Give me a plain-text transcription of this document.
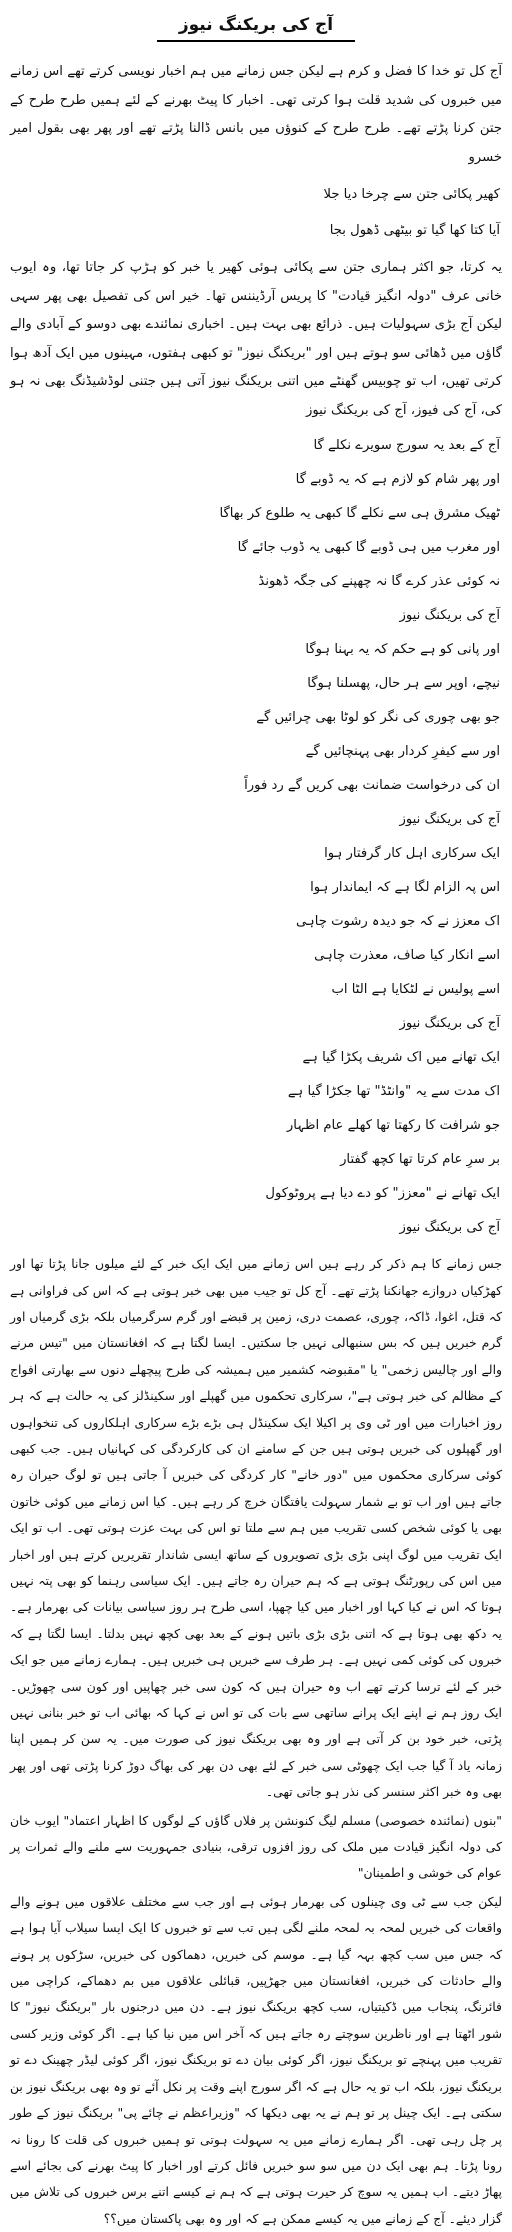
آج کی بریکنگ نیوز

آج کل تو خدا کا فضل و کرم ہے لیکن جس زمانے میں ہم اخبار نویسی کرتے تھے اس زمانے میں خبروں کی شدید قلت ہوا کرتی تھی۔ اخبار کا پیٹ بھرنے کے لئے ہمیں طرح طرح کے جتن کرنا پڑتے تھے۔ طرح طرح کے کنوؤں میں بانس ڈالنا پڑتے تھے اور پھر بھی بقول امیر خسرو

کھیر پکائی جتن سے چرخا دیا جلا
آیا کتا کھا گیا تو بیٹھی ڈھول بجا

یہ کرتا، جو اکثر ہماری جتن سے پکائی ہوئی کھیر یا خبر کو ہڑپ کر جاتا تھا، وہ ایوب خانی عرف "دولہ انگیز قیادت" کا پریس آرڈیننس تھا۔ خیر اس کی تفصیل بھی پھر سہی لیکن آج بڑی سہولیات ہیں۔ ذرائع بھی بہت ہیں۔ اخباری نمائندے بھی دوسو کے آبادی والے گاؤں میں ڈھائی سو ہوتے ہیں اور "بریکنگ نیوز" تو کبھی ہفتوں، مہینوں میں ایک آدھ ہوا کرتی تھیں، اب تو چوبیس گھنٹے میں اتنی بریکنگ نیوز آتی ہیں جتنی لوڈشیڈنگ بھی نہ ہو کی، آج کی فیوز، آج کی بریکنگ نیوز

آج کے بعد یہ سورج سویرے نکلے گا
اور پھر شام کو لازم ہے کہ یہ ڈوبے گا
ٹھیک مشرق ہی سے نکلے گا کبھی یہ طلوع کر بھاگا
اور مغرب میں ہی ڈوبے گا کبھی یہ ڈوب جائے گا
نہ کوئی عذر کرے گا نہ چھپنے کی جگہ ڈھونڈ
آج کی بریکنگ نیوز
اور پانی کو ہے حکم کہ یہ بہنا ہوگا
نیچے، اوپر سے ہر حال، پھسلنا ہوگا
جو بھی چوری کی نگر کو لوٹا بھی چرائیں گے
اور سے کیفرِ کردار بھی پہنچائیں گے
ان کی درخواست ضمانت بھی کریں گے رد فوراً
آج کی بریکنگ نیوز
ایک سرکاری اہل کار گرفتار ہوا
اس پہ الزام لگا ہے کہ ایماندار ہوا
اک معزز نے کہ جو دیدہ رشوت چاہی
اسے انکار کیا صاف، معذرت چاہی
اسے پولیس نے لٹکایا ہے الٹا اب
آج کی بریکنگ نیوز
ایک تھانے میں اک شریف پکڑا گیا ہے
اک مدت سے یہ "وانٹڈ" تھا جکڑا گیا ہے
جو شرافت کا رکھتا تھا کھلے عام اظہار
بر سرِ عام کرتا تھا کچھ گفتار
ایک تھانے نے "معزز" کو دے دیا ہے پروٹوکول
آج کی بریکنگ نیوز

جس زمانے کا ہم ذکر کر رہے ہیں اس زمانے میں ایک ایک خبر کے لئے میلوں جانا پڑتا تھا اور کھڑکیاں دروازے جھانکنا پڑتے تھے۔ آج کل تو جیب میں بھی خبر ہوتی ہے کہ اس کی فراوانی ہے کہ قتل، اغوا، ڈاکہ، چوری، عصمت دری، زمین پر قبضے اور گرم سرگرمیاں بلکہ بڑی گرمیاں اور گرم خبریں ہیں کہ بس سنبھالی نہیں جا سکتیں۔ ایسا لگتا ہے کہ افغانستان میں "تیس مرنے والے اور چالیس زخمی" یا "مقبوضہ کشمیر میں ہمیشہ کی طرح پیچھلے دنوں سے بھارتی افواج کے مظالم کی خبر ہوتی ہے"، سرکاری تحکموں میں گھپلے اور سکینڈلز کی یہ حالت ہے کہ ہر روز اخبارات میں اور ٹی وی پر اکیلا ایک سکینڈل ہی بڑے بڑے سرکاری اہلکاروں کی تنخواہوں اور گھپلوں کی خبریں ہوتی ہیں جن کے سامنے ان کی کارکردگی کی کہانیاں ہیں۔ جب کبھی کوئی سرکاری محکموں میں "دور خانے" کار کردگی کی خبریں آ جاتی ہیں تو لوگ حیران رہ جاتے ہیں اور اب تو بے شمار سہولت یافتگان خرچ کر رہے ہیں۔ کیا اس زمانے میں کوئی خاتون بھی یا کوئی شخص کسی تقریب میں ہم سے ملتا تو اس کی بہت عزت ہوتی تھی۔ اب تو ایک ایک تقریب میں لوگ اپنی بڑی بڑی تصویروں کے ساتھ ایسی شاندار تقریریں کرتے ہیں اور اخبار میں اس کی رپورٹنگ ہوتی ہے کہ ہم حیران رہ جاتے ہیں۔ ایک سیاسی رہنما کو بھی پتہ نہیں ہوتا کہ اس نے کیا کہا اور اخبار میں کیا چھپا، اسی طرح ہر روز سیاسی بیانات کی بھرمار ہے۔ یہ دکھ بھی ہوتا ہے کہ اتنی بڑی بڑی باتیں ہونے کے بعد بھی کچھ نہیں بدلتا۔ ایسا لگتا ہے کہ خبروں کی کوئی کمی نہیں ہے۔ ہر طرف سے خبریں ہی خبریں ہیں۔ ہمارے زمانے میں جو ایک خبر کے لئے ترسا کرتے تھے اب وہ حیران ہیں کہ کون سی خبر چھاپیں اور کون سی چھوڑیں۔ ایک روز ہم نے اپنے ایک پرانے ساتھی سے بات کی تو اس نے کہا کہ بھائی اب تو خبر بنانی نہیں پڑتی، خبر خود بن کر آتی ہے اور وہ بھی بریکنگ نیوز کی صورت میں۔ یہ سن کر ہمیں اپنا زمانہ یاد آ گیا جب ایک چھوٹی سی خبر کے لئے بھی دن بھر کی بھاگ دوڑ کرنا پڑتی تھی اور پھر بھی وہ خبر اکثر سنسر کی نذر ہو جاتی تھی۔

"بنوں (نمائندہ خصوصی) مسلم لیگ کنونشن پر فلاں گاؤں کے لوگوں کا اظہار اعتماد" ایوب خان کی دولہ انگیز قیادت میں ملک کی روز افزوں ترقی، بنیادی جمہوریت سے ملنے والے ثمرات پر عوام کی خوشی و اطمینان"

لیکن جب سے ٹی وی چینلوں کی بھرمار ہوئی ہے اور جب سے مختلف علاقوں میں ہونے والے واقعات کی خبریں لمحہ بہ لمحہ ملنے لگی ہیں تب سے تو خبروں کا ایک ایسا سیلاب آیا ہوا ہے کہ جس میں سب کچھ بہہ گیا ہے۔ موسم کی خبریں، دھماکوں کی خبریں، سڑکوں پر ہونے والے حادثات کی خبریں، افغانستان میں جھڑپیں، قبائلی علاقوں میں بم دھماکے، کراچی میں فائرنگ، پنجاب میں ڈکیتیاں، سب کچھ بریکنگ نیوز ہے۔ دن میں درجنوں بار "بریکنگ نیوز" کا شور اٹھتا ہے اور ناظرین سوچتے رہ جاتے ہیں کہ آخر اس میں نیا کیا ہے۔ اگر کوئی وزیر کسی تقریب میں پہنچے تو بریکنگ نیوز، اگر کوئی بیان دے تو بریکنگ نیوز، اگر کوئی لیڈر چھینک دے تو بریکنگ نیوز، بلکہ اب تو یہ حال ہے کہ اگر سورج اپنے وقت پر نکل آئے تو وہ بھی بریکنگ نیوز بن سکتی ہے۔ ایک چینل پر تو ہم نے یہ بھی دیکھا کہ "وزیراعظم نے چائے پی" بریکنگ نیوز کے طور پر چل رہی تھی۔ اگر ہمارے زمانے میں یہ سہولت ہوتی تو ہمیں خبروں کی قلت کا رونا نہ رونا پڑتا۔ ہم بھی ایک دن میں سو سو خبریں فائل کرتے اور اخبار کا پیٹ بھرنے کی بجائے اسے پھاڑ دیتے۔ اب ہمیں یہ سوچ کر حیرت ہوتی ہے کہ ہم نے کیسے اتنے برس خبروں کی تلاش میں گزار دیئے۔ آج کے زمانے میں یہ کیسے ممکن ہے کہ اور وہ بھی پاکستان میں؟؟
